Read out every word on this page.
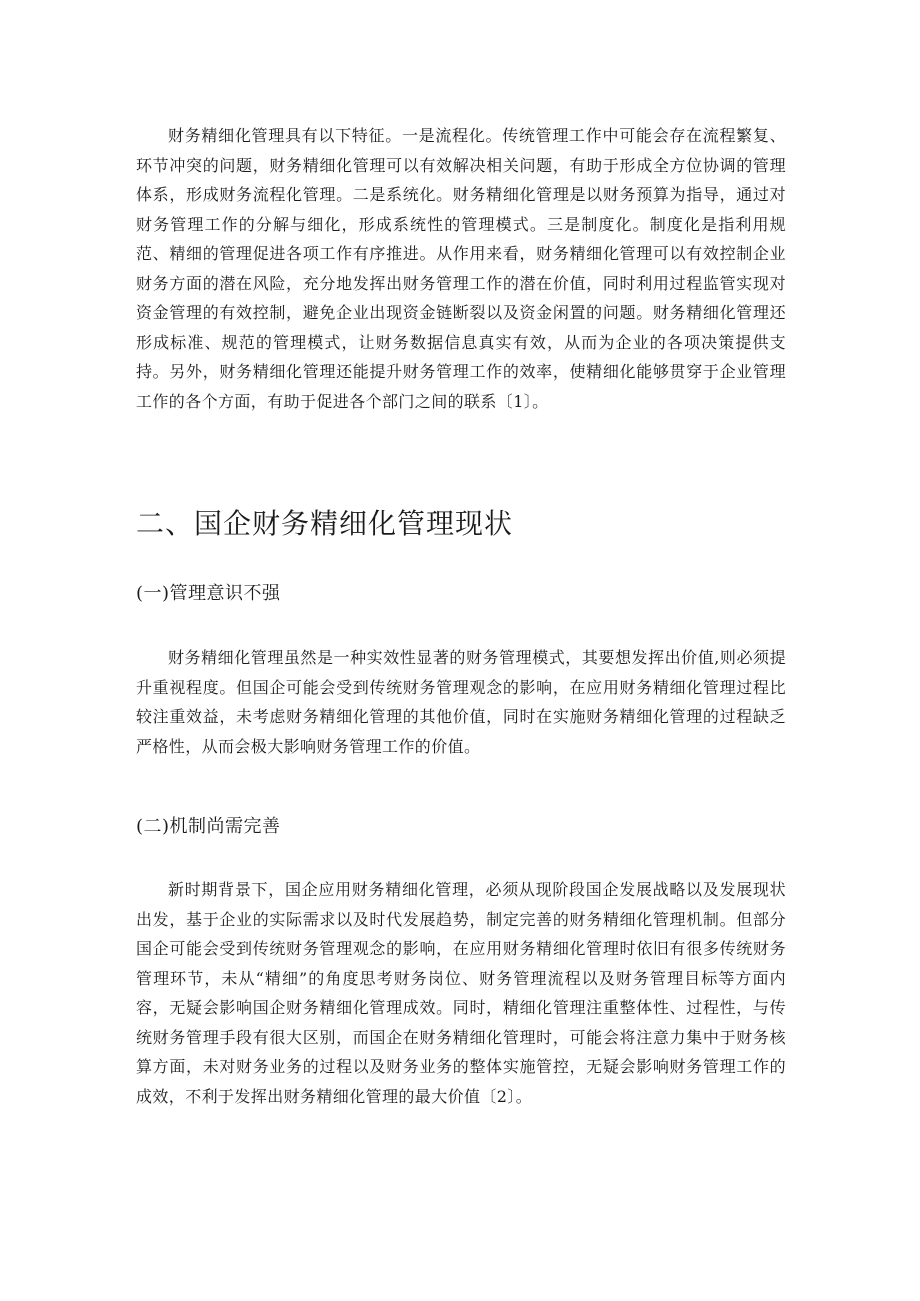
财务精细化管理具有以下特征。一是流程化。传统管理工作中可能会存在流程繁复、环节冲突的问题，财务精细化管理可以有效解决相关问题，有助于形成全方位协调的管理体系，形成财务流程化管理。二是系统化。财务精细化管理是以财务预算为指导，通过对财务管理工作的分解与细化，形成系统性的管理模式。三是制度化。制度化是指利用规范、精细的管理促进各项工作有序推进。从作用来看，财务精细化管理可以有效控制企业财务方面的潜在风险，充分地发挥出财务管理工作的潜在价值，同时利用过程监管实现对资金管理的有效控制，避免企业出现资金链断裂以及资金闲置的问题。财务精细化管理还形成标准、规范的管理模式，让财务数据信息真实有效，从而为企业的各项决策提供支持。另外，财务精细化管理还能提升财务管理工作的效率，使精细化能够贯穿于企业管理工作的各个方面，有助于促进各个部门之间的联系〔1〕。

二、国企财务精细化管理现状
(一)管理意识不强

财务精细化管理虽然是一种实效性显著的财务管理模式，其要想发挥出价值,则必须提升重视程度。但国企可能会受到传统财务管理观念的影响，在应用财务精细化管理过程比较注重效益，未考虑财务精细化管理的其他价值，同时在实施财务精细化管理的过程缺乏严格性，从而会极大影响财务管理工作的价值。

(二)机制尚需完善

新时期背景下，国企应用财务精细化管理，必须从现阶段国企发展战略以及发展现状出发，基于企业的实际需求以及时代发展趋势，制定完善的财务精细化管理机制。但部分国企可能会受到传统财务管理观念的影响，在应用财务精细化管理时依旧有很多传统财务管理环节，未从“精细”的角度思考财务岗位、财务管理流程以及财务管理目标等方面内容，无疑会影响国企财务精细化管理成效。同时，精细化管理注重整体性、过程性，与传统财务管理手段有很大区别，而国企在财务精细化管理时，可能会将注意力集中于财务核算方面，未对财务业务的过程以及财务业务的整体实施管控，无疑会影响财务管理工作的成效，不利于发挥出财务精细化管理的最大价值〔2〕。
